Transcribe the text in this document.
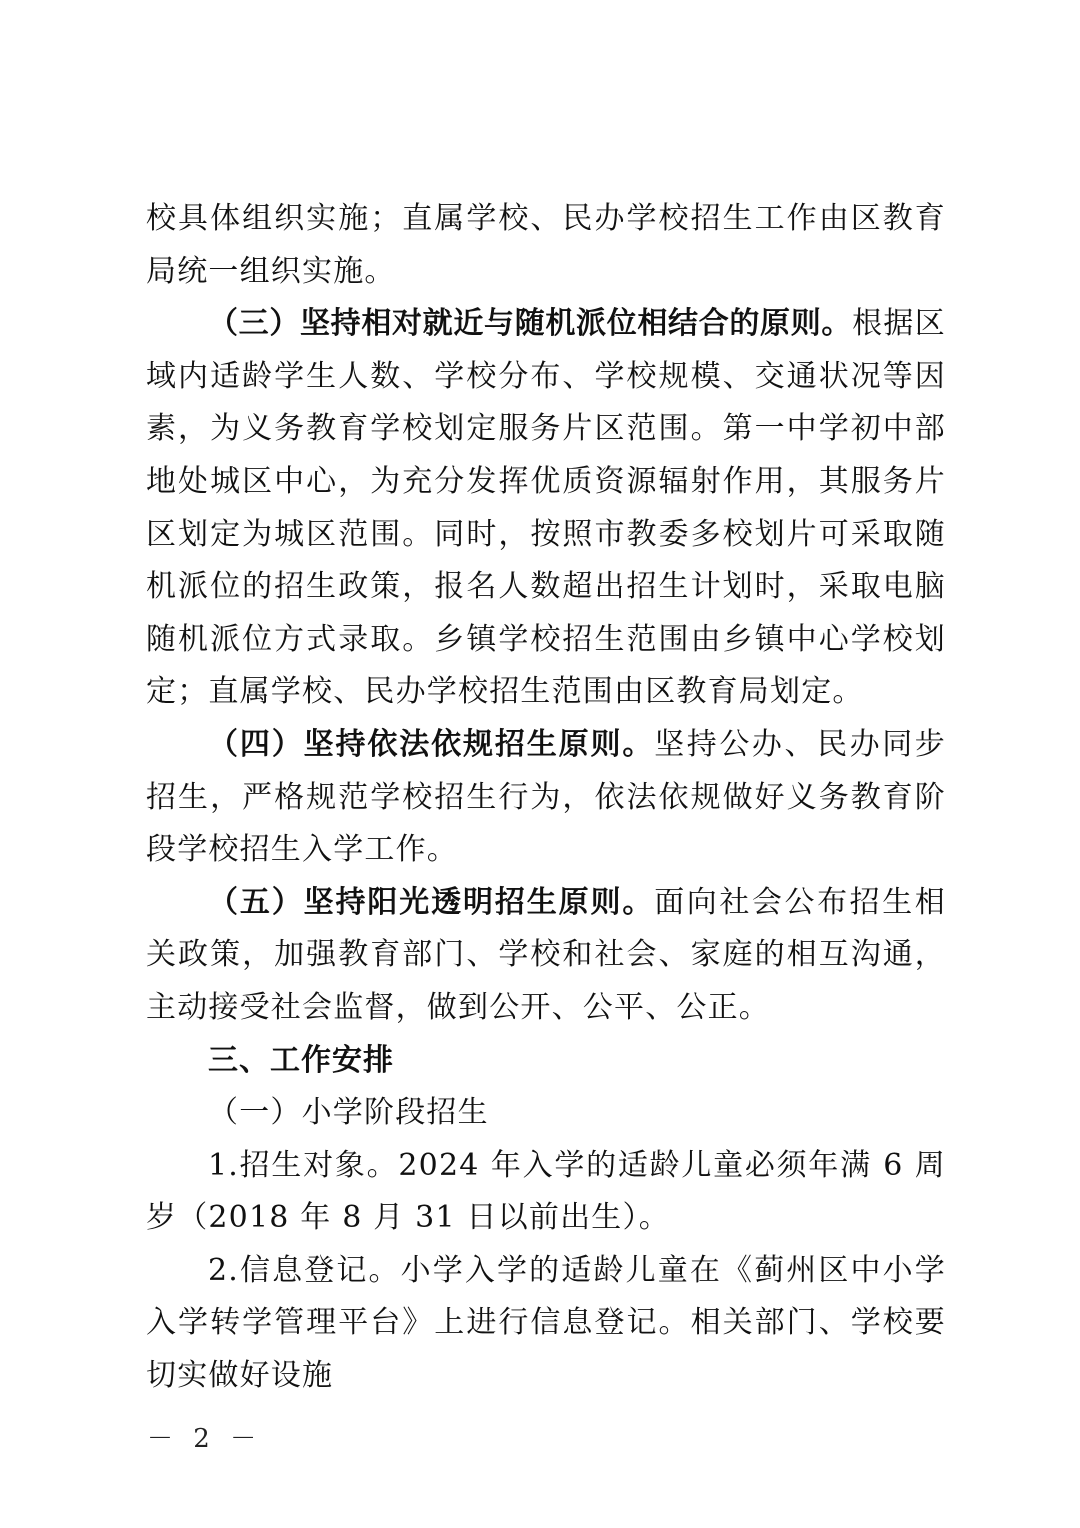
校具体组织实施；直属学校、民办学校招生工作由区教育局统一组织实施。

（三）坚持相对就近与随机派位相结合的原则。根据区域内适龄学生人数、学校分布、学校规模、交通状况等因素，为义务教育学校划定服务片区范围。第一中学初中部地处城区中心，为充分发挥优质资源辐射作用，其服务片区划定为城区范围。同时，按照市教委多校划片可采取随机派位的招生政策，报名人数超出招生计划时，采取电脑随机派位方式录取。乡镇学校招生范围由乡镇中心学校划定；直属学校、民办学校招生范围由区教育局划定。

（四）坚持依法依规招生原则。坚持公办、民办同步招生，严格规范学校招生行为，依法依规做好义务教育阶段学校招生入学工作。

（五）坚持阳光透明招生原则。面向社会公布招生相关政策，加强教育部门、学校和社会、家庭的相互沟通，主动接受社会监督，做到公开、公平、公正。

三、工作安排

（一）小学阶段招生

1.招生对象。2024 年入学的适龄儿童必须年满 6 周岁（2018 年 8 月 31 日以前出生）。

2.信息登记。小学入学的适龄儿童在《蓟州区中小学入学转学管理平台》上进行信息登记。相关部门、学校要切实做好设施

－ 2 －
